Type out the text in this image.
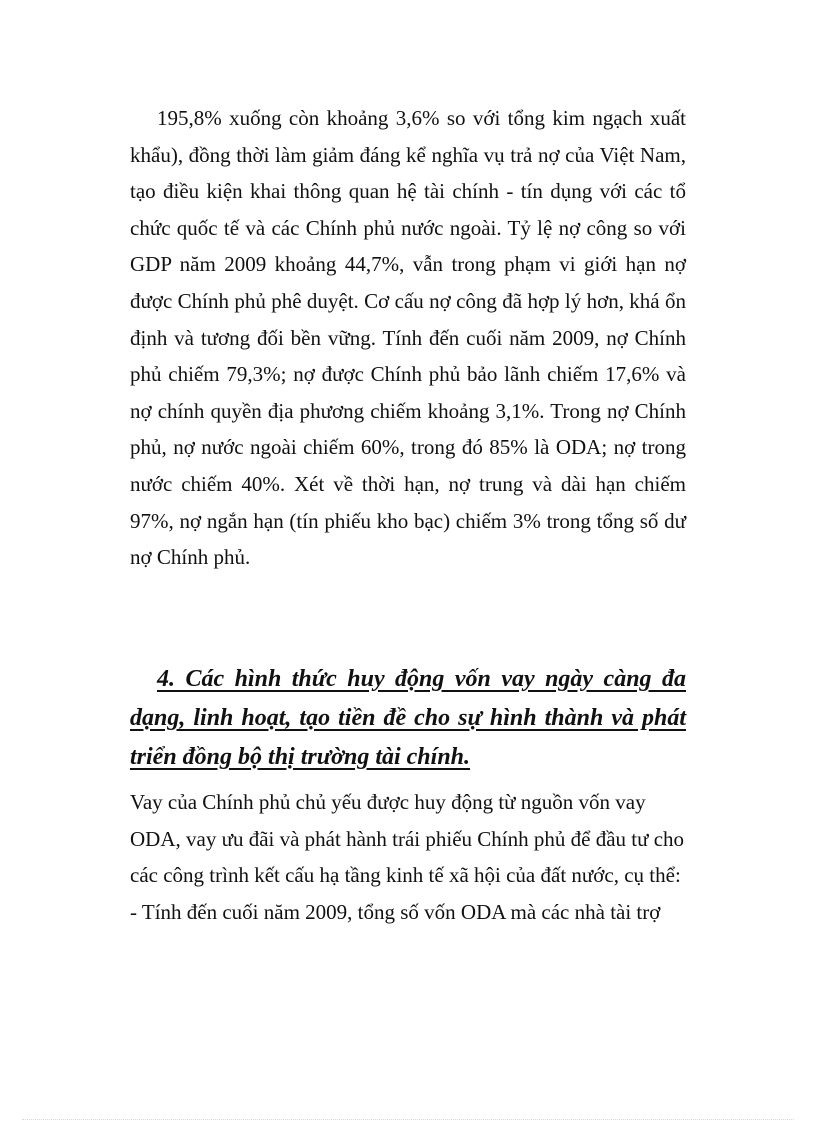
195,8% xuống còn khoảng 3,6% so với tổng kim ngạch xuất khẩu), đồng thời làm giảm đáng kể nghĩa vụ trả nợ của Việt Nam, tạo điều kiện khai thông quan hệ tài chính - tín dụng với các tổ chức quốc tế và các Chính phủ nước ngoài. Tỷ lệ nợ công so với GDP năm 2009 khoảng 44,7%, vẫn trong phạm vi giới hạn nợ được Chính phủ phê duyệt. Cơ cấu nợ công đã hợp lý hơn, khá ổn định và tương đối bền vững. Tính đến cuối năm 2009, nợ Chính phủ chiếm 79,3%; nợ được Chính phủ bảo lãnh chiếm 17,6% và nợ chính quyền địa phương chiếm khoảng 3,1%. Trong nợ Chính phủ, nợ nước ngoài chiếm 60%, trong đó 85% là ODA; nợ trong nước chiếm 40%. Xét về thời hạn, nợ trung và dài hạn chiếm 97%, nợ ngắn hạn (tín phiếu kho bạc) chiếm 3% trong tổng số dư nợ Chính phủ.

4. Các hình thức huy động vốn vay ngày càng đa dạng, linh hoạt, tạo tiền đề cho sự hình thành và phát triển đồng bộ thị trường tài chính.

Vay của Chính phủ chủ yếu được huy động từ nguồn vốn vay ODA, vay ưu đãi và phát hành trái phiếu Chính phủ để đầu tư cho các công trình kết cấu hạ tầng kinh tế xã hội của đất nước, cụ thể:

- Tính đến cuối năm 2009, tổng số vốn ODA mà các nhà tài trợ
